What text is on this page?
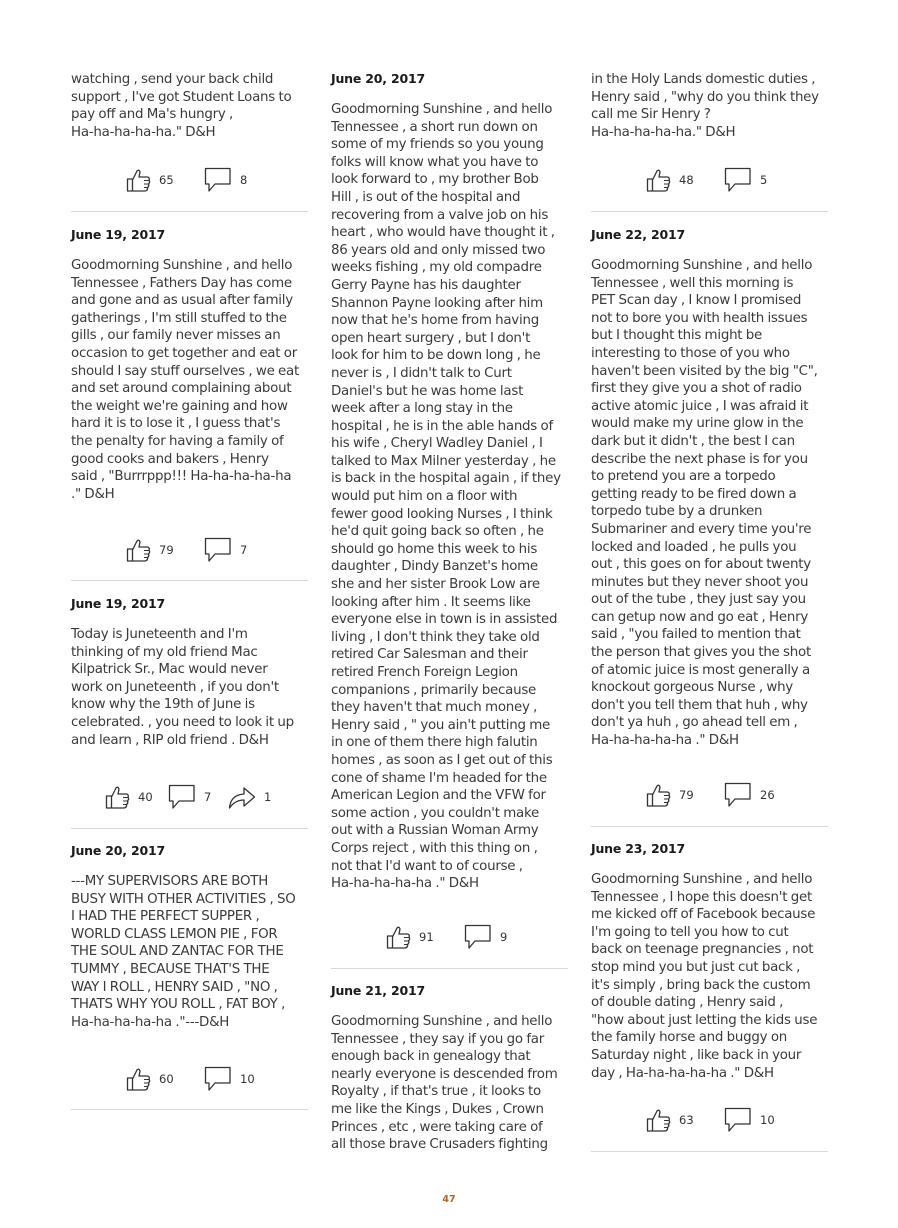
watching , send your back child
support , I've got Student Loans to
pay off and Ma's hungry ,
Ha-ha-ha-ha-ha." D&H

65	8
June 19, 2017

Goodmorning Sunshine , and hello
Tennessee , Fathers Day has come
and gone and as usual after family
gatherings , I'm still stuffed to the
gills , our family never misses an
occasion to get together and eat or
should I say stuff ourselves , we eat
and set around complaining about
the weight we're gaining and how
hard it is to lose it , I guess that's
the penalty for having a family of
good cooks and bakers , Henry
said , "Burrrppp!!! Ha-ha-ha-ha-ha
." D&H

79	7
June 19, 2017

Today is Juneteenth and I'm
thinking of my old friend Mac
Kilpatrick Sr., Mac would never
work on Juneteenth , if you don't
know why the 19th of June is
celebrated. , you need to look it up
and learn , RIP old friend . D&H

40	7	1
June 20, 2017

---MY SUPERVISORS ARE BOTH
BUSY WITH OTHER ACTIVITIES , SO
I HAD THE PERFECT SUPPER ,
WORLD CLASS LEMON PIE , FOR
THE SOUL AND ZANTAC FOR THE
TUMMY , BECAUSE THAT'S THE
WAY I ROLL , HENRY SAID , "NO ,
THATS WHY YOU ROLL , FAT BOY ,
Ha-ha-ha-ha-ha ."---D&H

60	10
June 20, 2017

Goodmorning Sunshine , and hello
Tennessee , a short run down on
some of my friends so you young
folks will know what you have to
look forward to , my brother Bob
Hill , is out of the hospital and
recovering from a valve job on his
heart , who would have thought it ,
86 years old and only missed two
weeks fishing , my old compadre
Gerry Payne has his daughter
Shannon Payne looking after him
now that he's home from having
open heart surgery , but I don't
look for him to be down long , he
never is , I didn't talk to Curt
Daniel's but he was home last
week after a long stay in the
hospital , he is in the able hands of
his wife , Cheryl Wadley Daniel , I
talked to Max Milner yesterday , he
is back in the hospital again , if they
would put him on a floor with
fewer good looking Nurses , I think
he'd quit going back so often , he
should go home this week to his
daughter , Dindy Banzet's home
she and her sister Brook Low are
looking after him . It seems like
everyone else in town is in assisted
living , I don't think they take old
retired Car Salesman and their
retired French Foreign Legion
companions , primarily because
they haven't that much money ,
Henry said , " you ain't putting me
in one of them there high falutin
homes , as soon as I get out of this
cone of shame I'm headed for the
American Legion and the VFW for
some action , you couldn't make
out with a Russian Woman Army
Corps reject , with this thing on ,
not that I'd want to of course ,
Ha-ha-ha-ha-ha ." D&H

91	9
June 21, 2017

Goodmorning Sunshine , and hello
Tennessee , they say if you go far
enough back in genealogy that
nearly everyone is descended from
Royalty , if that's true , it looks to
me like the Kings , Dukes , Crown
Princes , etc , were taking care of
all those brave Crusaders fighting

in the Holy Lands domestic duties ,
Henry said , "why do you think they
call me Sir Henry ?
Ha-ha-ha-ha-ha." D&H

48	5
June 22, 2017

Goodmorning Sunshine , and hello
Tennessee , well this morning is
PET Scan day , I know I promised
not to bore you with health issues
but I thought this might be
interesting to those of you who
haven't been visited by the big "C",
first they give you a shot of radio
active atomic juice , I was afraid it
would make my urine glow in the
dark but it didn't , the best I can
describe the next phase is for you
to pretend you are a torpedo
getting ready to be fired down a
torpedo tube by a drunken
Submariner and every time you're
locked and loaded , he pulls you
out , this goes on for about twenty
minutes but they never shoot you
out of the tube , they just say you
can getup now and go eat , Henry
said , "you failed to mention that
the person that gives you the shot
of atomic juice is most generally a
knockout gorgeous Nurse , why
don't you tell them that huh , why
don't ya huh , go ahead tell em ,
Ha-ha-ha-ha-ha ." D&H

79	26
June 23, 2017

Goodmorning Sunshine , and hello
Tennessee , I hope this doesn't get
me kicked off of Facebook because
I'm going to tell you how to cut
back on teenage pregnancies , not
stop mind you but just cut back ,
it's simply , bring back the custom
of double dating , Henry said ,
"how about just letting the kids use
the family horse and buggy on
Saturday night , like back in your
day , Ha-ha-ha-ha-ha ." D&H

63	10
47
